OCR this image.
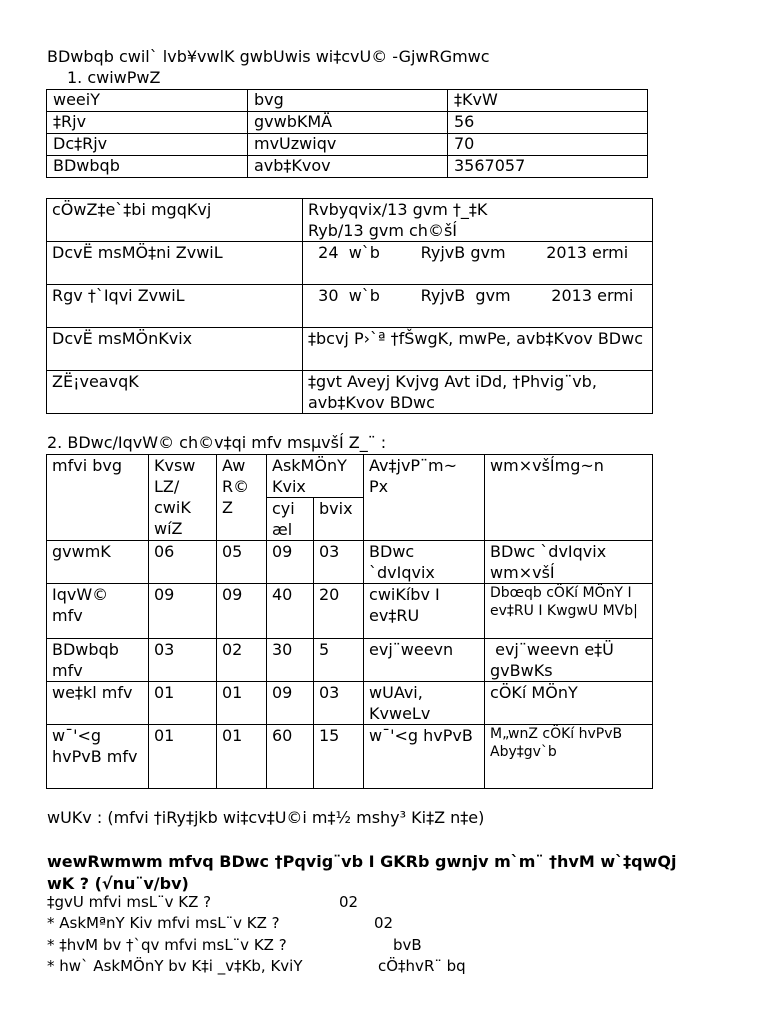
BDwbqb cwil` lvb¥vwlK gwbUwis wi‡cvU© -GjwRGmwc
1. cwiwPwZ
weeiY	bvg	‡KvW
‡Rjv	gvwbKMÄ	56
Dc‡Rjv	mvUzwiqv	70
BDwbqb	avb‡Kvov	3567057
cÖwZ‡e`‡bi mgqKvj	Rvbyqvix/13 gvm †_‡K
Ryb/13 gvm ch©šÍ
DcvË msMÖ‡ni ZvwiL	24  w`b        RyjvB gvm        2013 ermi
Rgv †`Iqvi ZvwiL	30  w`b        RyjvB  gvm        2013 ermi
DcvË msMÖnKvix	‡bcvj P›`ª †fŠwgK, mwPe, avb‡Kvov BDwc
ZË¡veavqK	‡gvt Aveyj Kvjvg Avt iDd, †Phvig¨vb, avb‡Kvov BDwc
2. BDwc/IqvW© ch©v‡qi mfv msµvšÍ Z_¨ :
mfvi bvg	Kvsw LZ/ cwiK wíZ	Aw R© Z	AskMÖnY Kvix		Av‡jvP¨m~ Px	wm×všÍmg~n
			cyi æl	bvix		
gvwmK	06	05	09	03	BDwc `dvIqvix	BDwc `dvIqvix wm×všÍ
IqvW© mfv	09	09	40	20	cwiKíbv I ev‡RU	Dbœqb cÖKí MÖnY I ev‡RU I KwgwU MVb|
BDwbqb mfv	03	02	30	5	evj¨weevn	evj¨weevn e‡Ü gvBwKs
we‡kl mfv	01	01	09	03	wUAvi, KvweLv	cÖKí MÖnY
w¯'<g hvPvB mfv	01	01	60	15	w¯'<g hvPvB	M„wnZ cÖKí hvPvB Aby‡gv`b
wUKv : (mfvi †iRy‡jkb wi‡cv‡U©i m‡½ mshy³ Ki‡Z n‡e)
wewRwmwm mfvq BDwc †Pqvig¨vb I GKRb gwnjv m`m¨ †hvM w`‡qwQj wK ? (√nu¨v/bv)
‡gvU mfvi msL¨v KZ ?	02
* AskMªnY Kiv mfvi msL¨v KZ ?	02
* ‡hvM bv †`qv mfvi msL¨v KZ ?	bvB
* hw` AskMÖnY bv K‡i _v‡Kb, KviY	cÖ‡hvR¨ bq
